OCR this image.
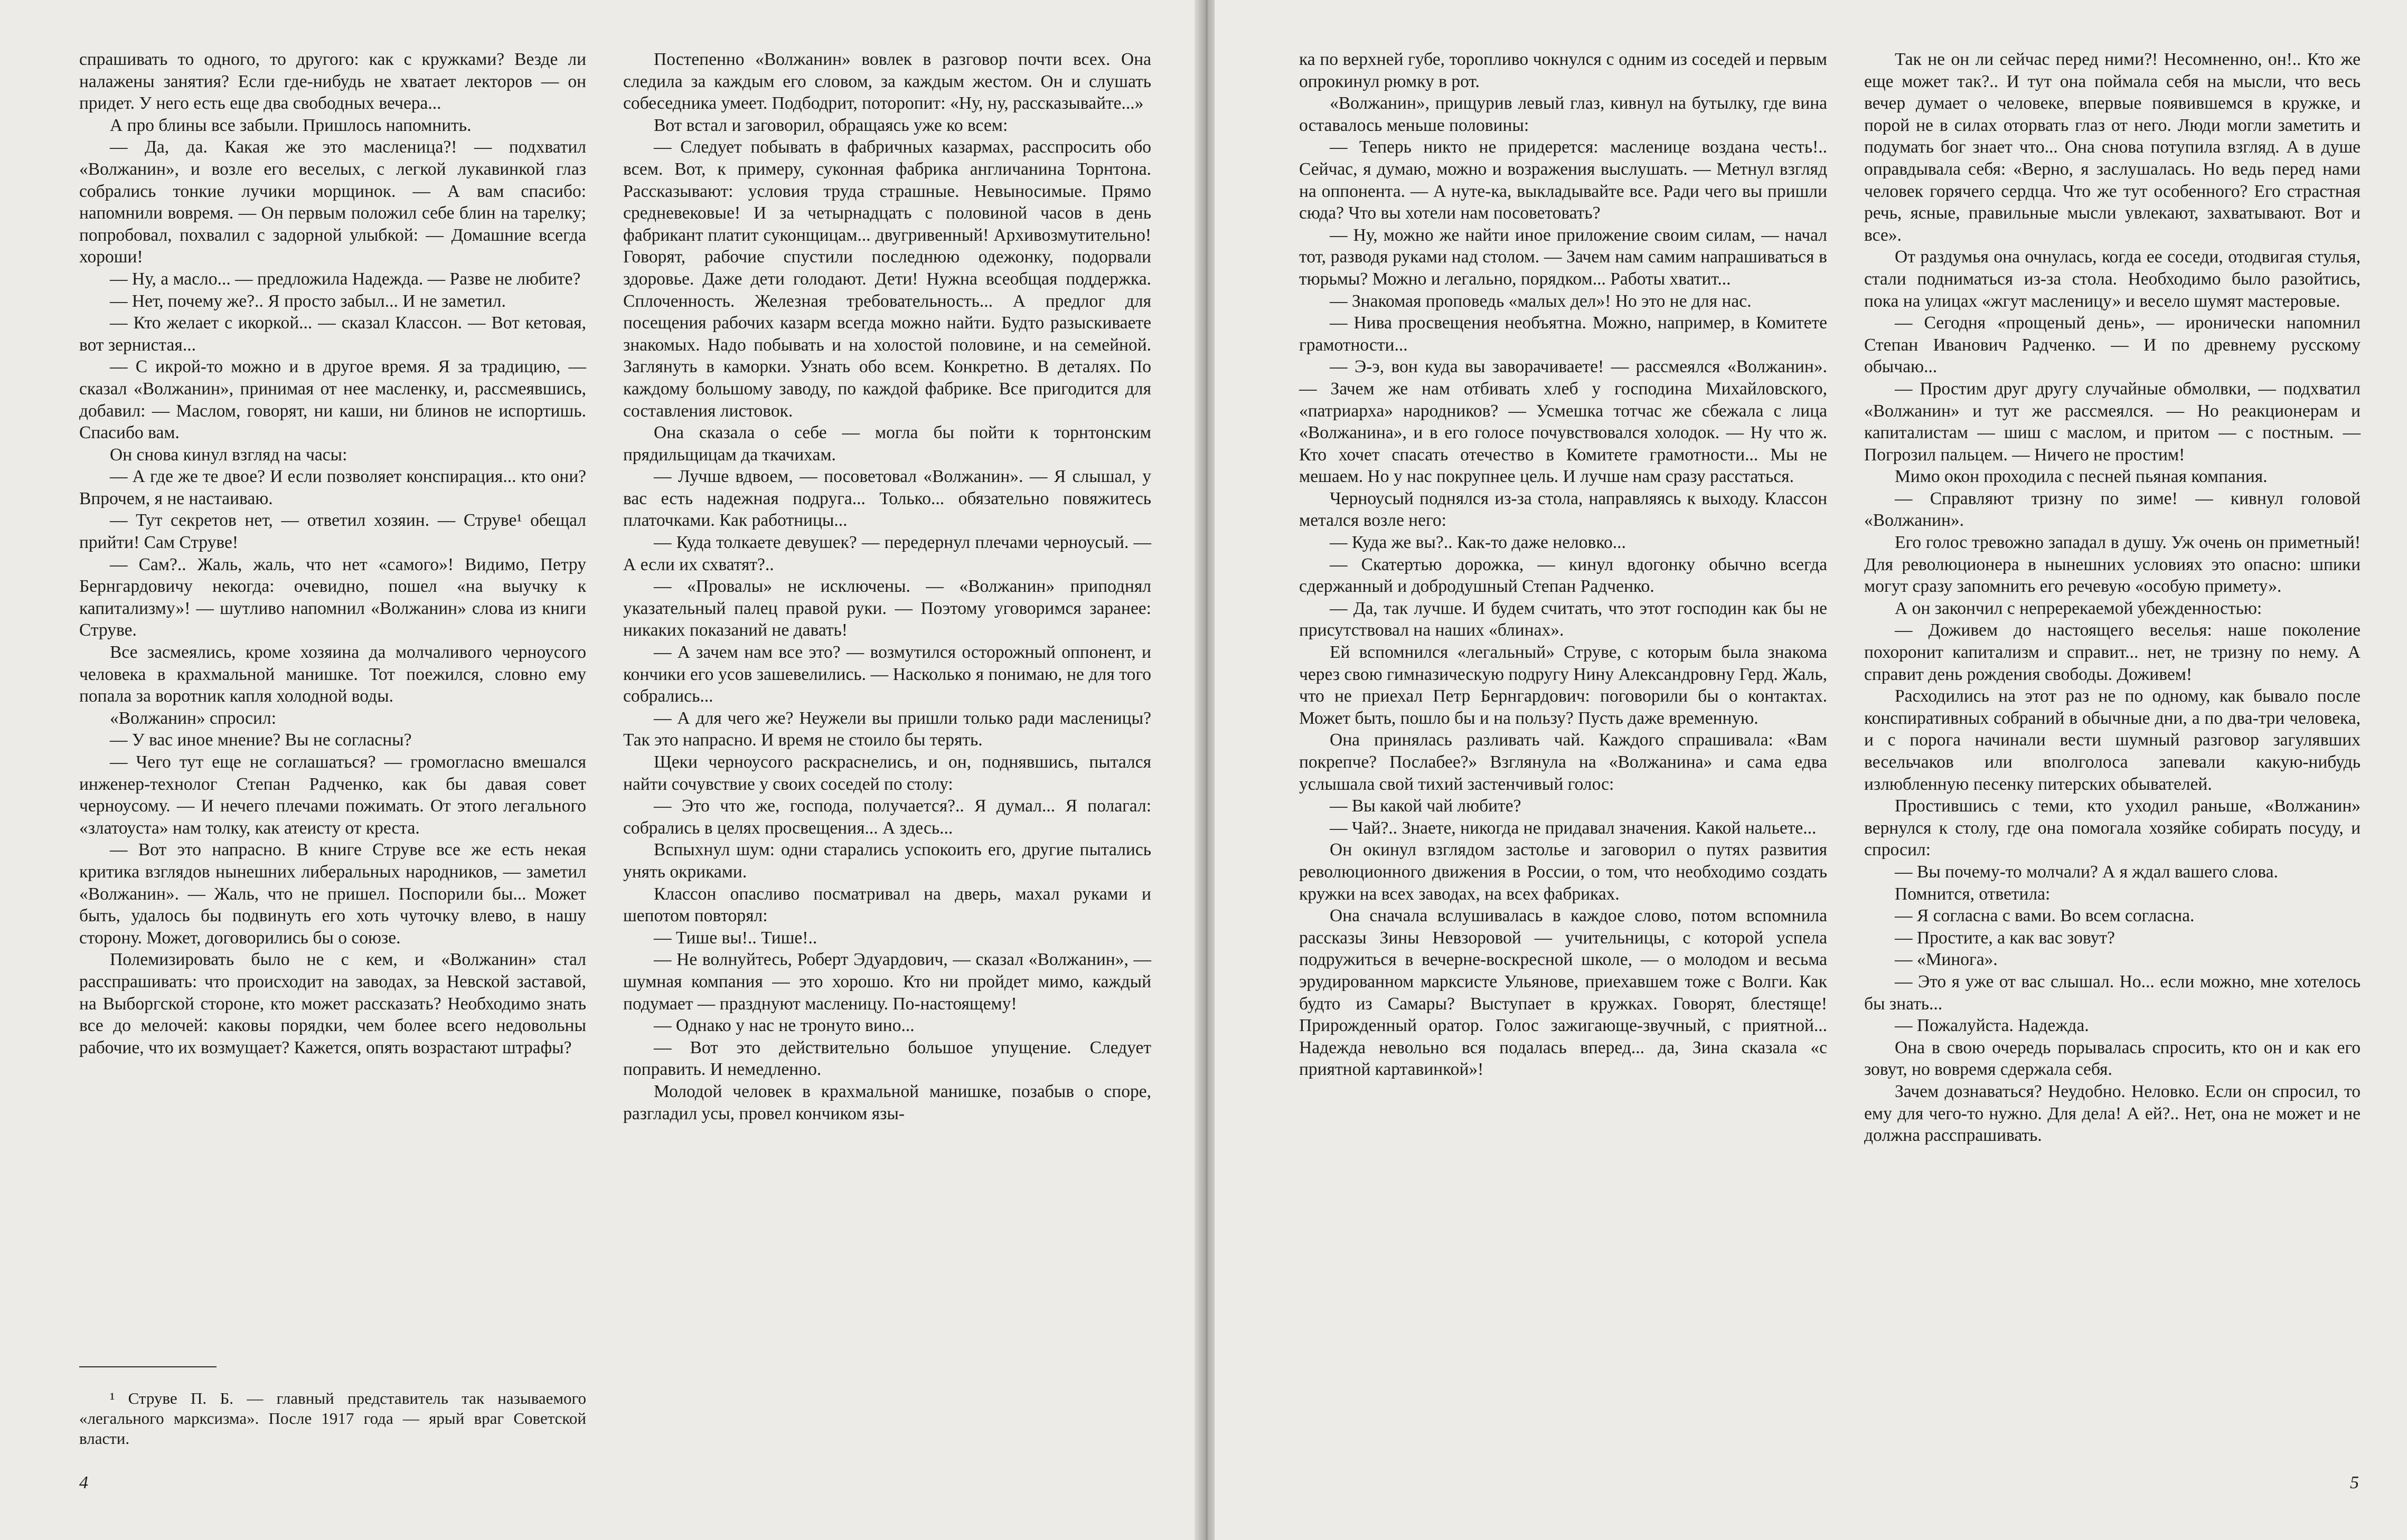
спрашивать то одного, то другого: как с кружками? Везде ли налажены занятия? Если где-нибудь не хватает лекторов — он придет. У него есть еще два свободных вечера...

А про блины все забыли. Пришлось напомнить.

— Да, да. Какая же это масленица?! — подхватил «Волжанин», и возле его веселых, с легкой лукавинкой глаз собрались тонкие лучики морщинок. — А вам спасибо: напомнили вовремя. — Он первым положил себе блин на тарелку; попробовал, похвалил с задорной улыбкой: — Домашние всегда хороши!

— Ну, а масло... — предложила Надежда. — Разве не любите?

— Нет, почему же?.. Я просто забыл... И не заметил.

— Кто желает с икоркой... — сказал Классон. — Вот кетовая, вот зернистая...

— С икрой-то можно и в другое время. Я за традицию, — сказал «Волжанин», принимая от нее масленку, и, рассмеявшись, добавил: — Маслом, говорят, ни каши, ни блинов не испортишь. Спасибо вам.

Он снова кинул взгляд на часы:

— А где же те двое? И если позволяет конспирация... кто они? Впрочем, я не настаиваю.

— Тут секретов нет, — ответил хозяин. — Струве¹ обещал прийти! Сам Струве!

— Сам?.. Жаль, жаль, что нет «самого»! Видимо, Петру Бернгардовичу некогда: очевидно, пошел «на выучку к капитализму»! — шутливо напомнил «Волжанин» слова из книги Струве.

Все засмеялись, кроме хозяина да молчаливого черноусого человека в крахмальной манишке. Тот поежился, словно ему попала за воротник капля холодной воды.

«Волжанин» спросил:

— У вас иное мнение? Вы не согласны?

— Чего тут еще не соглашаться? — громогласно вмешался инженер-технолог Степан Радченко, как бы давая совет черноусому. — И нечего плечами пожимать. От этого легального «златоуста» нам толку, как атеисту от креста.

— Вот это напрасно. В книге Струве все же есть некая критика взглядов нынешних либеральных народников, — заметил «Волжанин». — Жаль, что не пришел. Поспорили бы... Может быть, удалось бы подвинуть его хоть чуточку влево, в нашу сторону. Может, договорились бы о союзе.

Полемизировать было не с кем, и «Волжанин» стал расспрашивать: что происходит на заводах, за Невской заставой, на Выборгской стороне, кто может рассказать? Необходимо знать все до мелочей: каковы порядки, чем более всего недовольны рабочие, что их возмущает? Кажется, опять возрастают штрафы?

Постепенно «Волжанин» вовлек в разговор почти всех. Она следила за каждым его словом, за каждым жестом. Он и слушать собеседника умеет. Подбодрит, поторопит: «Ну, ну, рассказывайте...»

Вот встал и заговорил, обращаясь уже ко всем:

— Следует побывать в фабричных казармах, расспросить обо всем. Вот, к примеру, суконная фабрика англичанина Торнтона. Рассказывают: условия труда страшные. Невыносимые. Прямо средневековые! И за четырнадцать с половиной часов в день фабрикант платит суконщицам... двугривенный! Архивозмутительно! Говорят, рабочие спустили последнюю одежонку, подорвали здоровье. Даже дети голодают. Дети! Нужна всеобщая поддержка. Сплоченность. Железная требовательность... А предлог для посещения рабочих казарм всегда можно найти. Будто разыскиваете знакомых. Надо побывать и на холостой половине, и на семейной. Заглянуть в каморки. Узнать обо всем. Конкретно. В деталях. По каждому большому заводу, по каждой фабрике. Все пригодится для составления листовок.

Она сказала о себе — могла бы пойти к торнтонским прядильщицам да ткачихам.

— Лучше вдвоем, — посоветовал «Волжанин». — Я слышал, у вас есть надежная подруга... Только... обязательно повяжитесь платочками. Как работницы...

— Куда толкаете девушек? — передернул плечами черноусый. — А если их схватят?..

— «Провалы» не исключены. — «Волжанин» приподнял указательный палец правой руки. — Поэтому уговоримся заранее: никаких показаний не давать!

— А зачем нам все это? — возмутился осторожный оппонент, и кончики его усов зашевелились. — Насколько я понимаю, не для того собрались...

— А для чего же? Неужели вы пришли только ради масленицы? Так это напрасно. И время не стоило бы терять.

Щеки черноусого раскраснелись, и он, поднявшись, пытался найти сочувствие у своих соседей по столу:

— Это что же, господа, получается?.. Я думал... Я полагал: собрались в целях просвещения... А здесь...

Вспыхнул шум: одни старались успокоить его, другие пытались унять окриками.

Классон опасливо посматривал на дверь, махал руками и шепотом повторял:

— Тише вы!.. Тише!..

— Не волнуйтесь, Роберт Эдуардович, — сказал «Волжанин», — шумная компания — это хорошо. Кто ни пройдет мимо, каждый подумает — празднуют масленицу. По-настоящему!

— Однако у нас не тронуто вино...

— Вот это действительно большое упущение. Следует поправить. И немедленно.

Молодой человек в крахмальной манишке, позабыв о споре, разгладил усы, провел кончиком язы-

¹ Струве П. Б. — главный представитель так называемого «легального марксизма». После 1917 года — ярый враг Советской власти.

4

ка по верхней губе, торопливо чокнулся с одним из соседей и первым опрокинул рюмку в рот.

«Волжанин», прищурив левый глаз, кивнул на бутылку, где вина оставалось меньше половины:

— Теперь никто не придерется: масленице воздана честь!.. Сейчас, я думаю, можно и возражения выслушать. — Метнул взгляд на оппонента. — А нуте-ка, выкладывайте все. Ради чего вы пришли сюда? Что вы хотели нам посоветовать?

— Ну, можно же найти иное приложение своим силам, — начал тот, разводя руками над столом. — Зачем нам самим напрашиваться в тюрьмы? Можно и легально, порядком... Работы хватит...

— Знакомая проповедь «малых дел»! Но это не для нас.

— Нива просвещения необъятна. Можно, например, в Комитете грамотности...

— Э-э, вон куда вы заворачиваете! — рассмеялся «Волжанин». — Зачем же нам отбивать хлеб у господина Михайловского, «патриарха» народников? — Усмешка тотчас же сбежала с лица «Волжанина», и в его голосе почувствовался холодок. — Ну что ж. Кто хочет спасать отечество в Комитете грамотности... Мы не мешаем. Но у нас покрупнее цель. И лучше нам сразу расстаться.

Черноусый поднялся из-за стола, направляясь к выходу. Классон метался возле него:

— Куда же вы?.. Как-то даже неловко...

— Скатертью дорожка, — кинул вдогонку обычно всегда сдержанный и добродушный Степан Радченко.

— Да, так лучше. И будем считать, что этот господин как бы не присутствовал на наших «блинах».

Ей вспомнился «легальный» Струве, с которым была знакома через свою гимназическую подругу Нину Александровну Герд. Жаль, что не приехал Петр Бернгардович: поговорили бы о контактах. Может быть, пошло бы и на пользу? Пусть даже временную.

Она принялась разливать чай. Каждого спрашивала: «Вам покрепче? Послабее?» Взглянула на «Волжанина» и сама едва услышала свой тихий застенчивый голос:

— Вы какой чай любите?

— Чай?.. Знаете, никогда не придавал значения. Какой нальете...

Он окинул взглядом застолье и заговорил о путях развития революционного движения в России, о том, что необходимо создать кружки на всех заводах, на всех фабриках.

Она сначала вслушивалась в каждое слово, потом вспомнила рассказы Зины Невзоровой — учительницы, с которой успела подружиться в вечерне-воскресной школе, — о молодом и весьма эрудированном марксисте Ульянове, приехавшем тоже с Волги. Как будто из Самары? Выступает в кружках. Говорят, блестяще! Прирожденный оратор. Голос зажигающе-звучный, с приятной... Надежда невольно вся подалась вперед... да, Зина сказала «с приятной картавинкой»!

Так не он ли сейчас перед ними?! Несомненно, он!.. Кто же еще может так?.. И тут она поймала себя на мысли, что весь вечер думает о человеке, впервые появившемся в кружке, и порой не в силах оторвать глаз от него. Люди могли заметить и подумать бог знает что... Она снова потупила взгляд. А в душе оправдывала себя: «Верно, я заслушалась. Но ведь перед нами человек горячего сердца. Что же тут особенного? Его страстная речь, ясные, правильные мысли увлекают, захватывают. Вот и все».

От раздумья она очнулась, когда ее соседи, отодвигая стулья, стали подниматься из-за стола. Необходимо было разойтись, пока на улицах «жгут масленицу» и весело шумят мастеровые.

— Сегодня «прощеный день», — иронически напомнил Степан Иванович Радченко. — И по древнему русскому обычаю...

— Простим друг другу случайные обмолвки, — подхватил «Волжанин» и тут же рассмеялся. — Но реакционерам и капиталистам — шиш с маслом, и притом — с постным. — Погрозил пальцем. — Ничего не простим!

Мимо окон проходила с песней пьяная компания.

— Справляют тризну по зиме! — кивнул головой «Волжанин».

Его голос тревожно западал в душу. Уж очень он приметный! Для революционера в нынешних условиях это опасно: шпики могут сразу запомнить его речевую «особую примету».

А он закончил с непререкаемой убежденностью:

— Доживем до настоящего веселья: наше поколение похоронит капитализм и справит... нет, не тризну по нему. А справит день рождения свободы. Доживем!

Расходились на этот раз не по одному, как бывало после конспиративных собраний в обычные дни, а по два-три человека, и с порога начинали вести шумный разговор загулявших весельчаков или вполголоса запевали какую-нибудь излюбленную песенку питерских обывателей.

Простившись с теми, кто уходил раньше, «Волжанин» вернулся к столу, где она помогала хозяйке собирать посуду, и спросил:

— Вы почему-то молчали? А я ждал вашего слова.

Помнится, ответила:

— Я согласна с вами. Во всем согласна.

— Простите, а как вас зовут?

— «Минога».

— Это я уже от вас слышал. Но... если можно, мне хотелось бы знать...

— Пожалуйста. Надежда.

Она в свою очередь порывалась спросить, кто он и как его зовут, но вовремя сдержала себя.

Зачем дознаваться? Неудобно. Неловко. Если он спросил, то ему для чего-то нужно. Для дела! А ей?.. Нет, она не может и не должна расспрашивать.

5
